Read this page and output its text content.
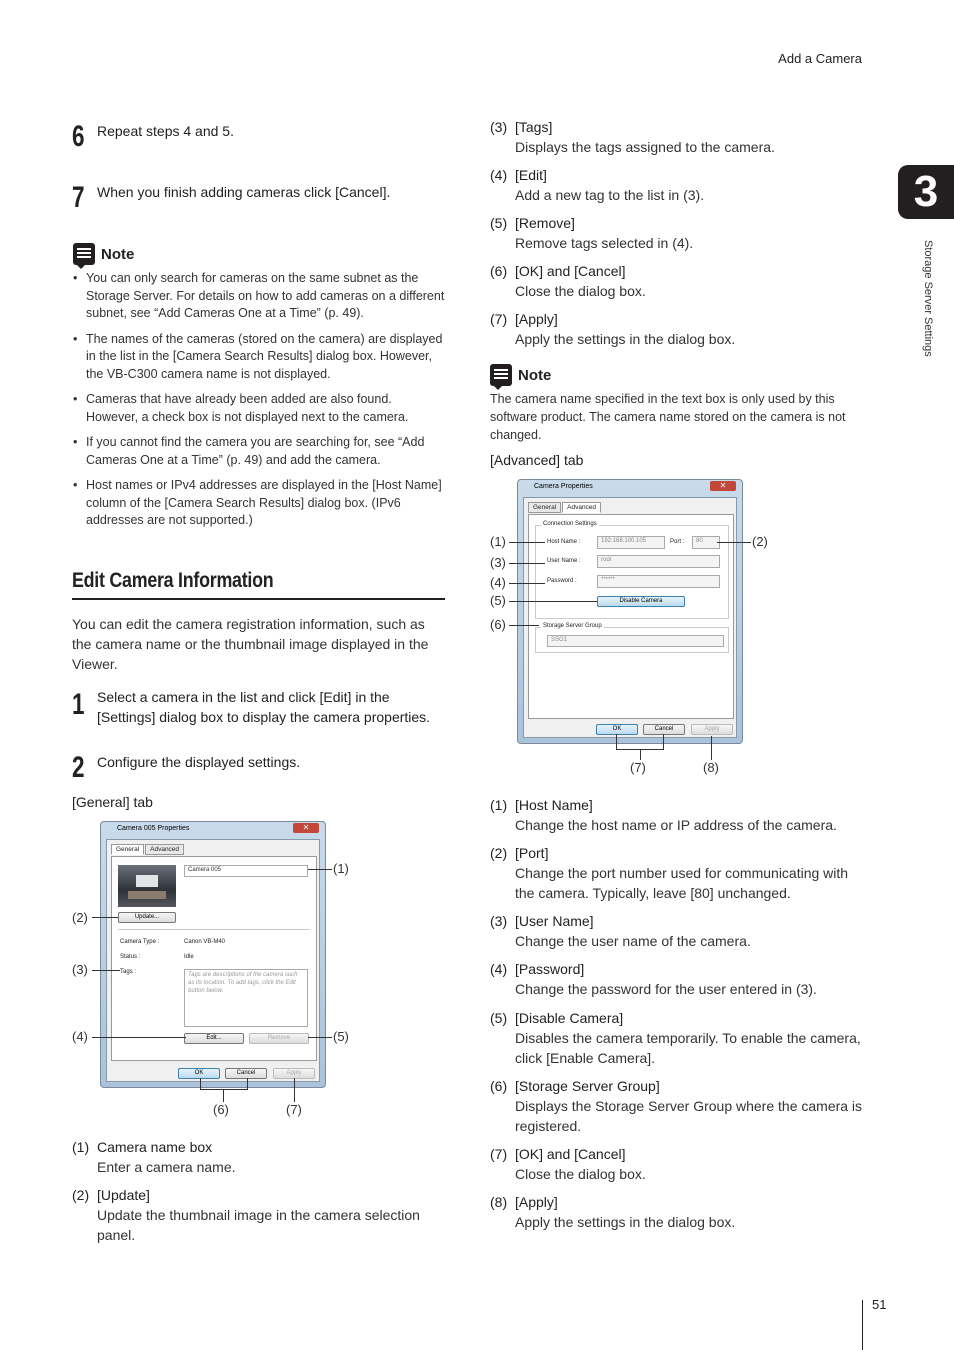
Add a Camera
3
Storage Server Settings
6 Repeat steps 4 and 5.
7 When you finish adding cameras click [Cancel].
Note
• You can only search for cameras on the same subnet as the Storage Server. For details on how to add cameras on a different subnet, see “Add Cameras One at a Time” (p. 49).
• The names of the cameras (stored on the camera) are displayed in the list in the [Camera Search Results] dialog box. However, the VB-C300 camera name is not displayed.
• Cameras that have already been added are also found. However, a check box is not displayed next to the camera.
• If you cannot find the camera you are searching for, see “Add Cameras One at a Time” (p. 49) and add the camera.
• Host names or IPv4 addresses are displayed in the [Host Name] column of the [Camera Search Results] dialog box. (IPv6 addresses are not supported.)
Edit Camera Information
You can edit the camera registration information, such as the camera name or the thumbnail image displayed in the Viewer.
1 Select a camera in the list and click [Edit] in the [Settings] dialog box to display the camera properties.
2 Configure the displayed settings.
[General] tab
Camera 005 Properties	✕
General	Advanced
Camera 005
Update...
Camera Type :	Canon VB-M40
Status :	Idle
Tags :	Tags are descriptions of the camera such as its location. To add tags, click the Edit button below.
Edit...	Remove
OK	Cancel	Apply
(1)
(2)
(3)
(4)	(5)
(6)	(7)
(1) Camera name box
Enter a camera name.
(2) [Update]
Update the thumbnail image in the camera selection panel.
(3) [Tags]
Displays the tags assigned to the camera.
(4) [Edit]
Add a new tag to the list in (3).
(5) [Remove]
Remove tags selected in (4).
(6) [OK] and [Cancel]
Close the dialog box.
(7) [Apply]
Apply the settings in the dialog box.
Note
The camera name specified in the text box is only used by this software product. The camera name stored on the camera is not changed.
[Advanced] tab
Camera Properties	✕
General	Advanced
Connection Settings
Host Name :	192.168.100.105	Port :	80
User Name :	root
Password :	******
Disable Camera
Storage Server Group
SSG1
OK	Cancel	Apply
(1)	(2)
(3)
(4)
(5)
(6)
(7)	(8)
(1) [Host Name]
Change the host name or IP address of the camera.
(2) [Port]
Change the port number used for communicating with the camera. Typically, leave [80] unchanged.
(3) [User Name]
Change the user name of the camera.
(4) [Password]
Change the password for the user entered in (3).
(5) [Disable Camera]
Disables the camera temporarily. To enable the camera, click [Enable Camera].
(6) [Storage Server Group]
Displays the Storage Server Group where the camera is registered.
(7) [OK] and [Cancel]
Close the dialog box.
(8) [Apply]
Apply the settings in the dialog box.
51
